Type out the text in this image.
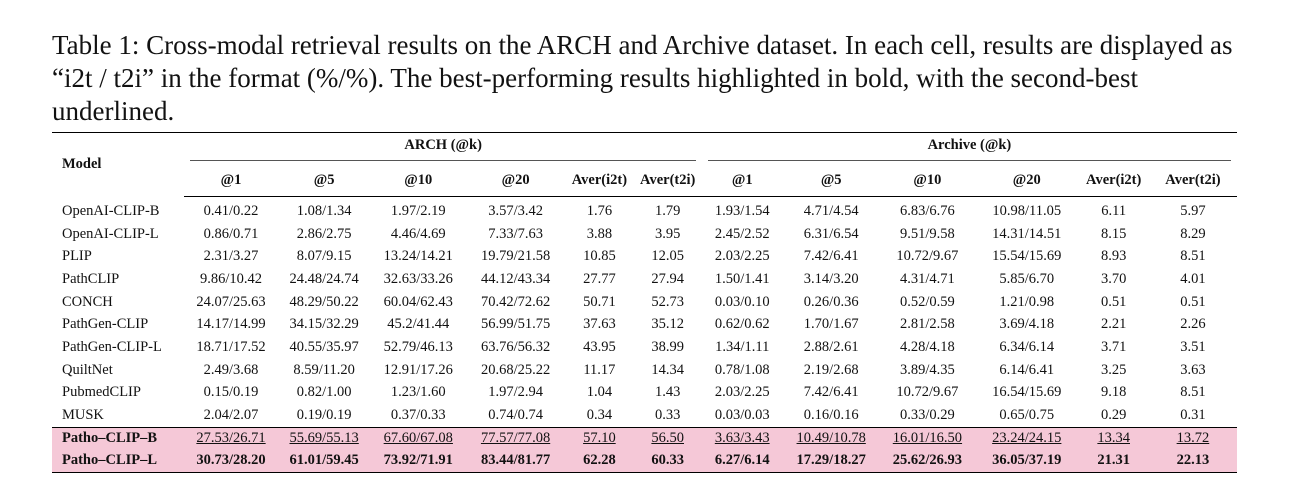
Table 1: Cross-modal retrieval results on the ARCH and Archive dataset. In each cell, results are displayed as “i2t / t2i” in the format (%/%). The best-performing results highlighted in bold, with the second-best underlined.

Model	ARCH (@k)						Archive (@k)					

	@1	@5	@10	@20	Aver(i2t)	Aver(t2i)	@1	@5	@10	@20	Aver(i2t)	Aver(t2i)
OpenAI-CLIP-B	0.41/0.22	1.08/1.34	1.97/2.19	3.57/3.42	1.76	1.79	1.93/1.54	4.71/4.54	6.83/6.76	10.98/11.05	6.11	5.97
OpenAI-CLIP-L	0.86/0.71	2.86/2.75	4.46/4.69	7.33/7.63	3.88	3.95	2.45/2.52	6.31/6.54	9.51/9.58	14.31/14.51	8.15	8.29
PLIP	2.31/3.27	8.07/9.15	13.24/14.21	19.79/21.58	10.85	12.05	2.03/2.25	7.42/6.41	10.72/9.67	15.54/15.69	8.93	8.51
PathCLIP	9.86/10.42	24.48/24.74	32.63/33.26	44.12/43.34	27.77	27.94	1.50/1.41	3.14/3.20	4.31/4.71	5.85/6.70	3.70	4.01
CONCH	24.07/25.63	48.29/50.22	60.04/62.43	70.42/72.62	50.71	52.73	0.03/0.10	0.26/0.36	0.52/0.59	1.21/0.98	0.51	0.51
PathGen-CLIP	14.17/14.99	34.15/32.29	45.2/41.44	56.99/51.75	37.63	35.12	0.62/0.62	1.70/1.67	2.81/2.58	3.69/4.18	2.21	2.26
PathGen-CLIP-L	18.71/17.52	40.55/35.97	52.79/46.13	63.76/56.32	43.95	38.99	1.34/1.11	2.88/2.61	4.28/4.18	6.34/6.14	3.71	3.51
QuiltNet	2.49/3.68	8.59/11.20	12.91/17.26	20.68/25.22	11.17	14.34	0.78/1.08	2.19/2.68	3.89/4.35	6.14/6.41	3.25	3.63
PubmedCLIP	0.15/0.19	0.82/1.00	1.23/1.60	1.97/2.94	1.04	1.43	2.03/2.25	7.42/6.41	10.72/9.67	16.54/15.69	9.18	8.51
MUSK	2.04/2.07	0.19/0.19	0.37/0.33	0.74/0.74	0.34	0.33	0.03/0.03	0.16/0.16	0.33/0.29	0.65/0.75	0.29	0.31
Patho–CLIP–B	27.53/26.71	55.69/55.13	67.60/67.08	77.57/77.08	57.10	56.50	3.63/3.43	10.49/10.78	16.01/16.50	23.24/24.15	13.34	13.72
Patho–CLIP–L	30.73/28.20	61.01/59.45	73.92/71.91	83.44/81.77	62.28	60.33	6.27/6.14	17.29/18.27	25.62/26.93	36.05/37.19	21.31	22.13
